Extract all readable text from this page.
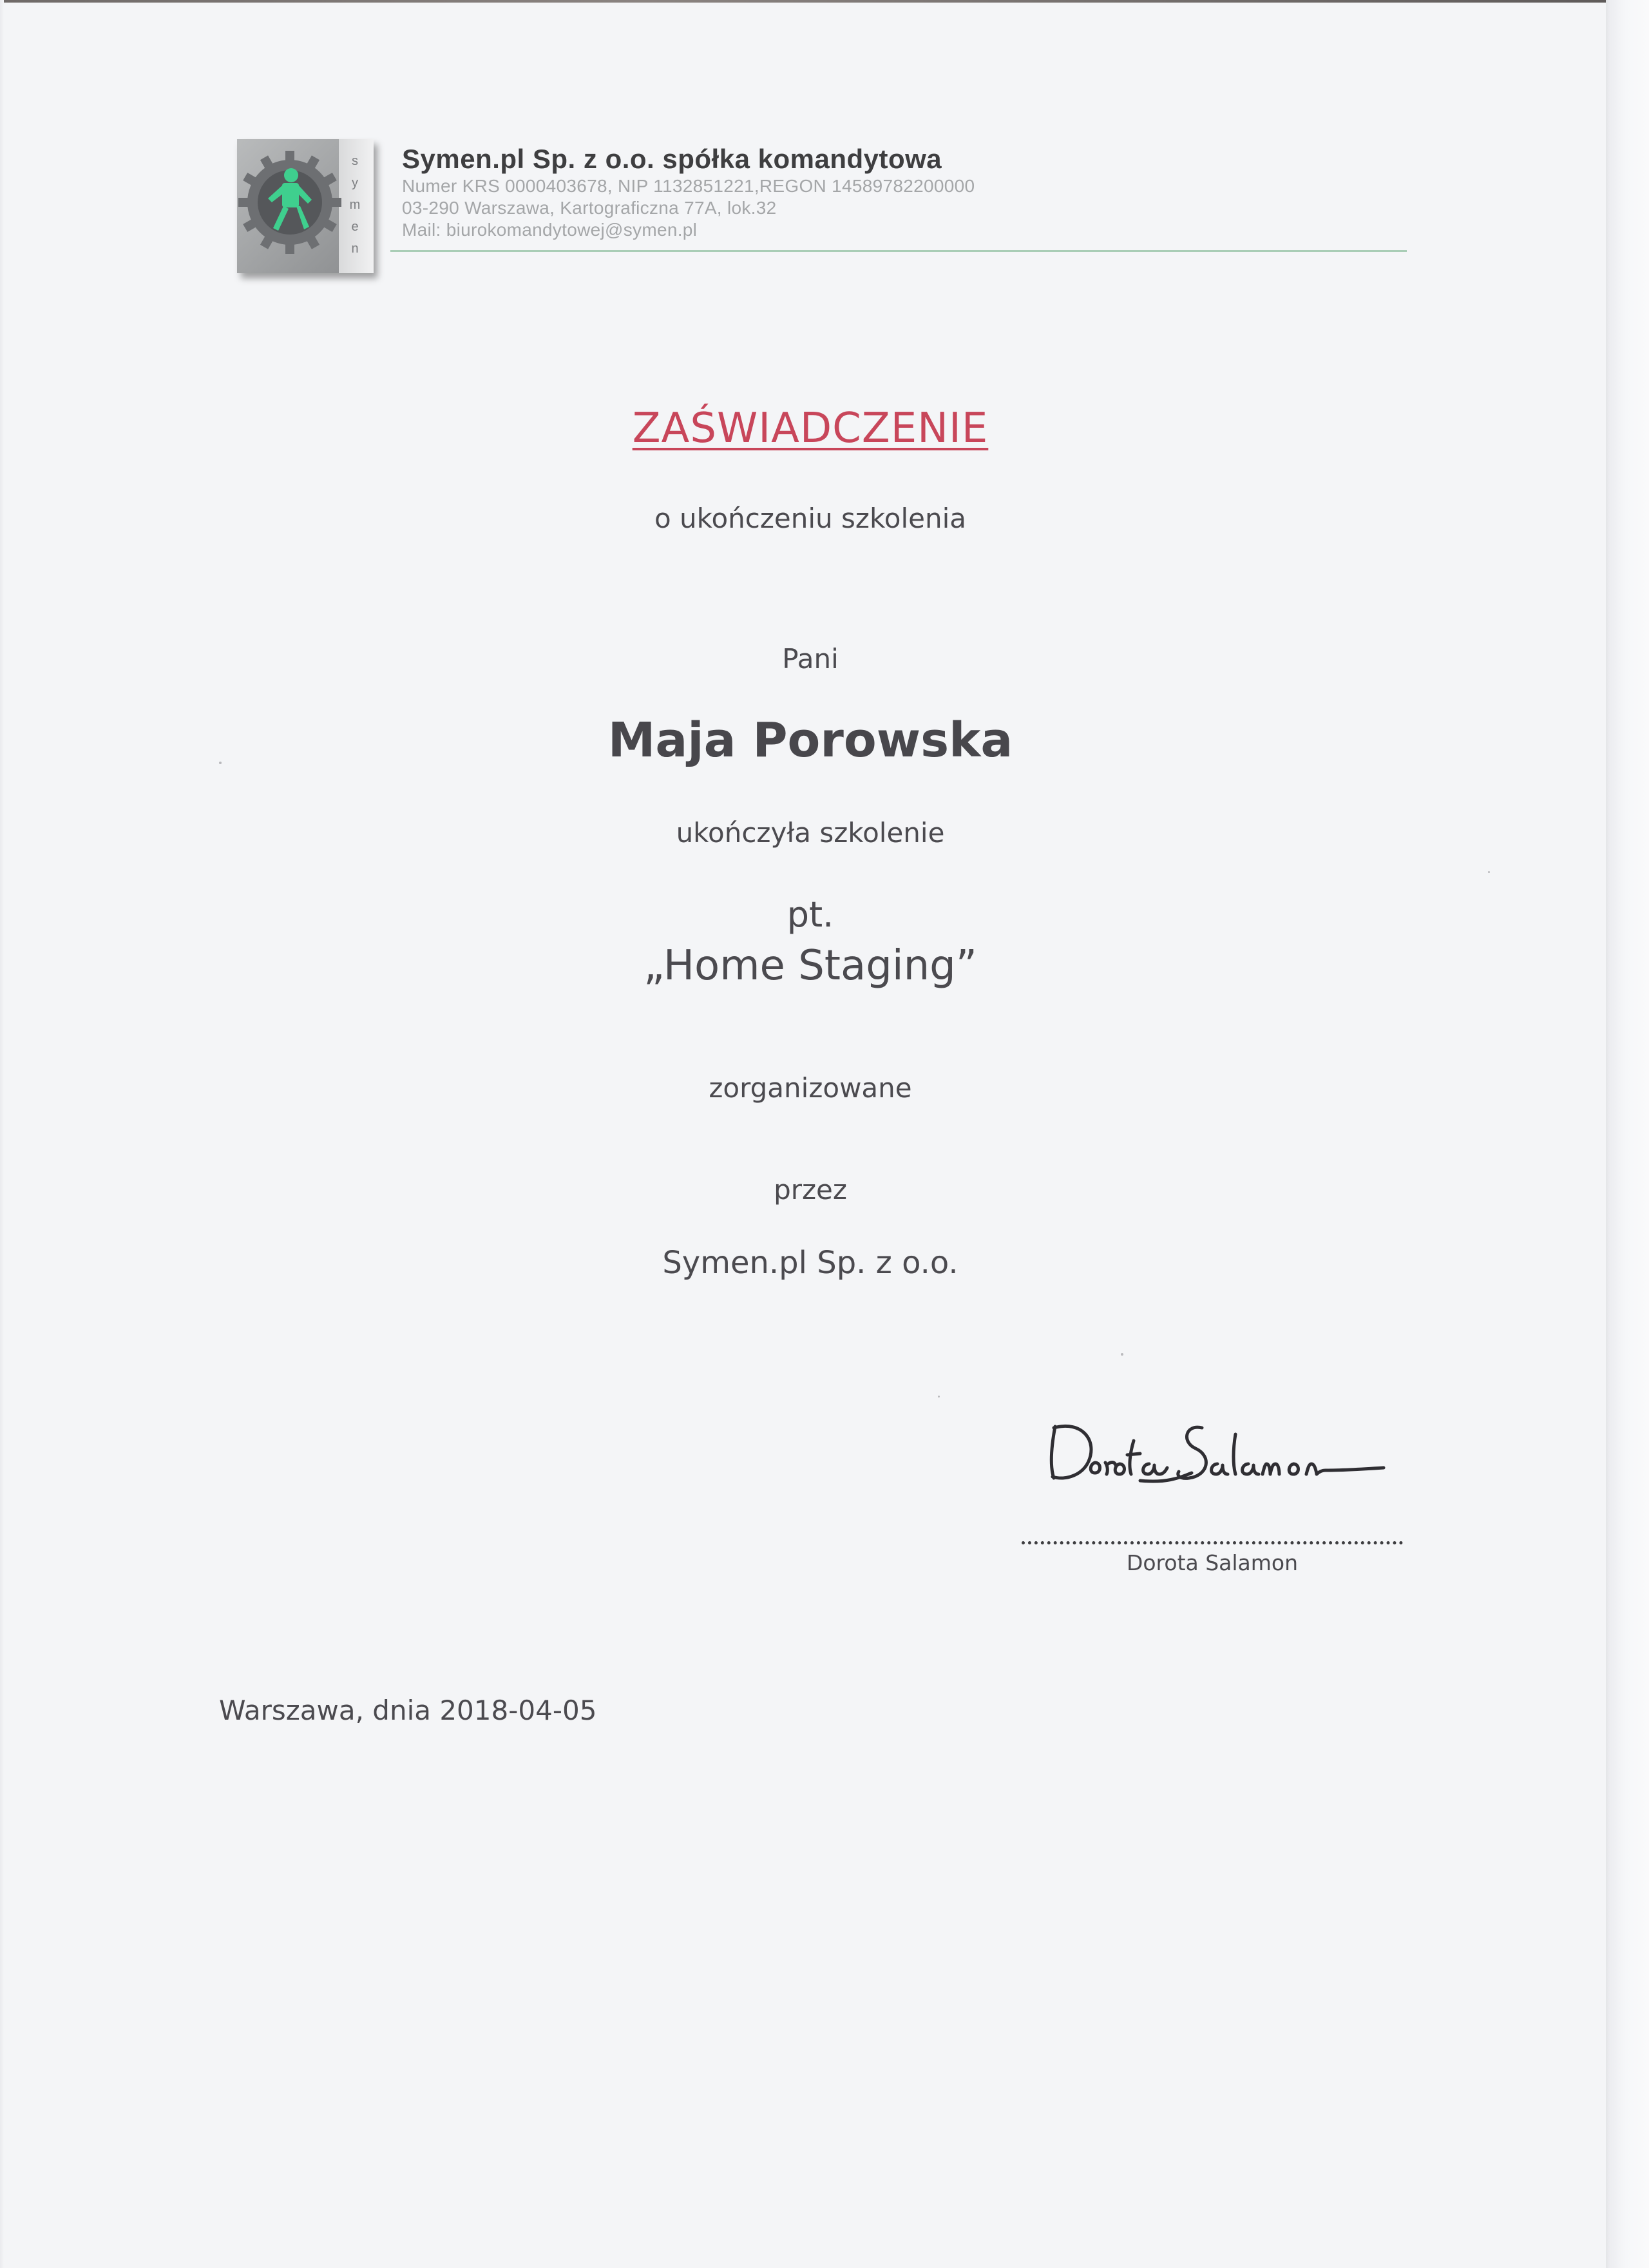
s
y
m
e
n
Symen.pl Sp. z o.o. spółka komandytowa
Numer KRS 0000403678, NIP 1132851221,REGON 14589782200000
03-290 Warszawa, Kartograficzna 77A, lok.32
Mail: biurokomandytowej@symen.pl
ZAŚWIADCZENIE
o ukończeniu szkolenia
Pani
Maja Porowska
ukończyła szkolenie
pt.
„Home Staging”
zorganizowane
przez
Symen.pl Sp. z o.o.
Dorota Salamon
Warszawa, dnia 2018-04-05
